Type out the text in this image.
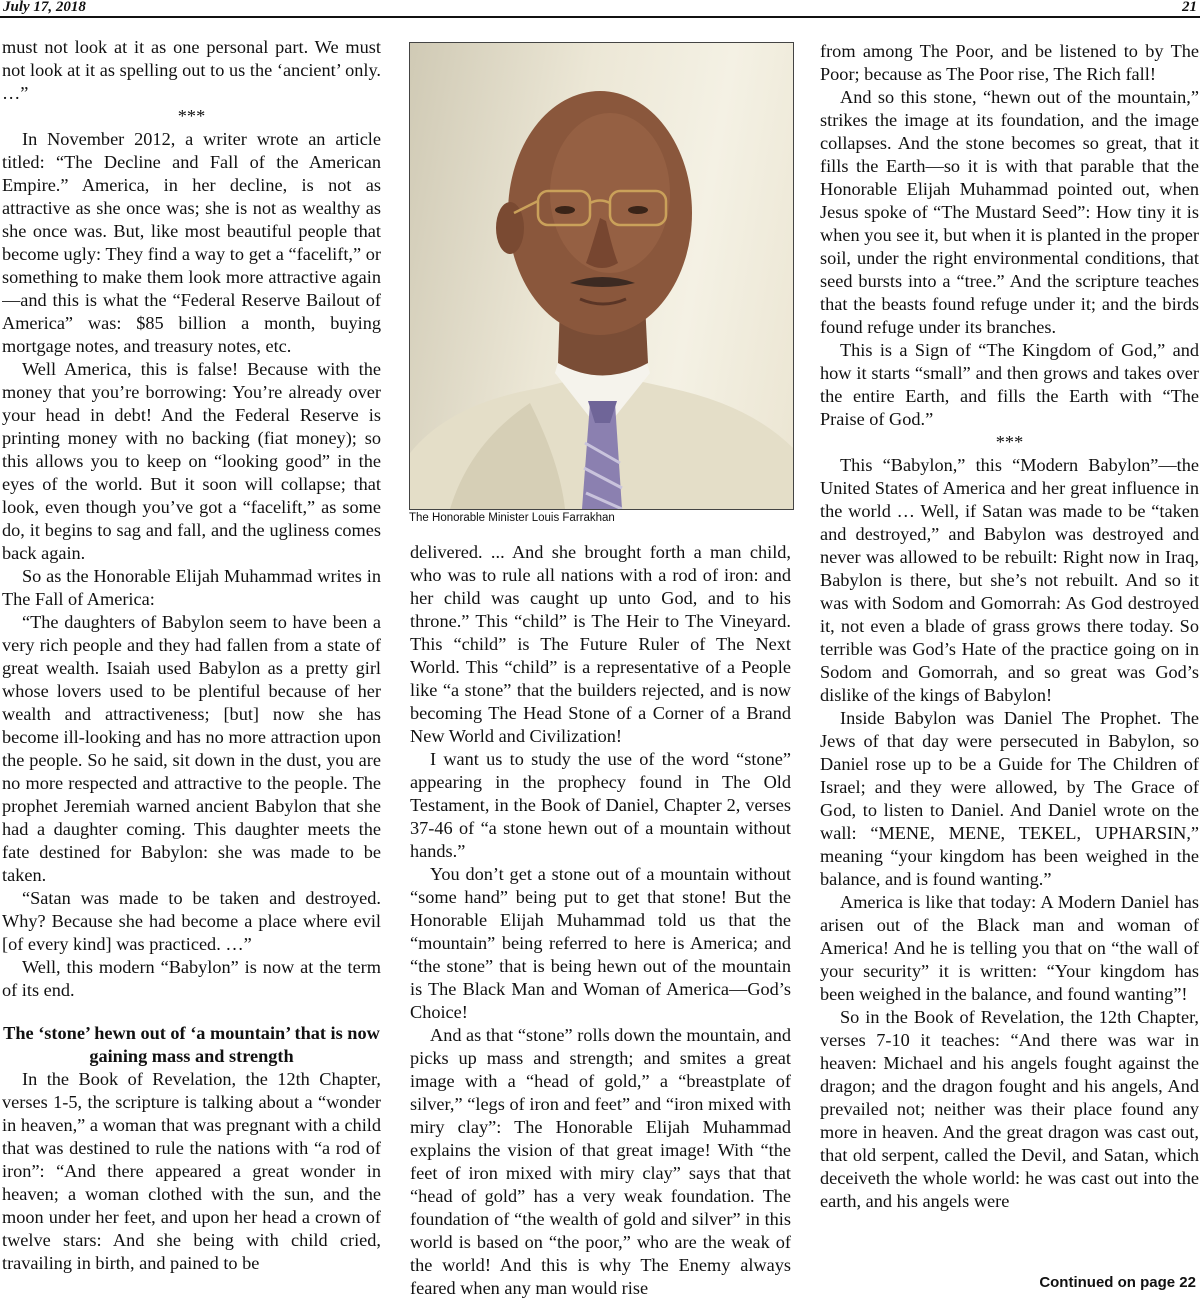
July 17, 2018	21

must not look at it as one personal part. We must not look at it as spelling out to us the ‘ancient’ only. …”

***

In November 2012, a writer wrote an article titled: “The Decline and Fall of the American Empire.” America, in her decline, is not as attractive as she once was; she is not as wealthy as she once was. But, like most beautiful people that become ugly: They find a way to get a “facelift,” or something to make them look more attractive again—and this is what the “Federal Reserve Bailout of America” was: $85 billion a month, buying mortgage notes, and treasury notes, etc.

Well America, this is false! Because with the money that you’re borrowing: You’re already over your head in debt! And the Federal Reserve is printing money with no backing (fiat money); so this allows you to keep on “looking good” in the eyes of the world. But it soon will collapse; that look, even though you’ve got a “facelift,” as some do, it begins to sag and fall, and the ugliness comes back again.

So as the Honorable Elijah Muhammad writes in The Fall of America:

“The daughters of Babylon seem to have been a very rich people and they had fallen from a state of great wealth. Isaiah used Babylon as a pretty girl whose lovers used to be plentiful because of her wealth and attractiveness; [but] now she has become ill-looking and has no more attraction upon the people. So he said, sit down in the dust, you are no more respected and attractive to the people. The prophet Jeremiah warned ancient Babylon that she had a daughter coming. This daughter meets the fate destined for Babylon: she was made to be taken.

“Satan was made to be taken and destroyed. Why? Because she had become a place where evil [of every kind] was practiced. …”

Well, this modern “Babylon” is now at the term of its end.

The ‘stone’ hewn out of ‘a mountain’ that is now gaining mass and strength

In the Book of Revelation, the 12th Chapter, verses 1-5, the scripture is talking about a “wonder in heaven,” a woman that was pregnant with a child that was destined to rule the nations with “a rod of iron”: “And there appeared a great wonder in heaven; a woman clothed with the sun, and the moon under her feet, and upon her head a crown of twelve stars: And she being with child cried, travailing in birth, and pained to be

The Honorable Minister Louis Farrakhan

delivered. ... And she brought forth a man child, who was to rule all nations with a rod of iron: and her child was caught up unto God, and to his throne.” This “child” is The Heir to The Vineyard. This “child” is The Future Ruler of The Next World. This “child” is a representative of a People like “a stone” that the builders rejected, and is now becoming The Head Stone of a Corner of a Brand New World and Civilization!

I want us to study the use of the word “stone” appearing in the prophecy found in The Old Testament, in the Book of Daniel, Chapter 2, verses 37-46 of “a stone hewn out of a mountain without hands.”

You don’t get a stone out of a mountain without “some hand” being put to get that stone! But the Honorable Elijah Muhammad told us that the “mountain” being referred to here is America; and “the stone” that is being hewn out of the mountain is The Black Man and Woman of America—God’s Choice!

And as that “stone” rolls down the mountain, and picks up mass and strength; and smites a great image with a “head of gold,” a “breastplate of silver,” “legs of iron and feet” and “iron mixed with miry clay”: The Honorable Elijah Muhammad explains the vision of that great image! With “the feet of iron mixed with miry clay” says that that “head of gold” has a very weak foundation. The foundation of “the wealth of gold and silver” in this world is based on “the poor,” who are the weak of the world! And this is why The Enemy always feared when any man would rise

from among The Poor, and be listened to by The Poor; because as The Poor rise, The Rich fall!

And so this stone, “hewn out of the mountain,” strikes the image at its foundation, and the image collapses. And the stone becomes so great, that it fills the Earth—so it is with that parable that the Honorable Elijah Muhammad pointed out, when Jesus spoke of “The Mustard Seed”: How tiny it is when you see it, but when it is planted in the proper soil, under the right environmental conditions, that seed bursts into a “tree.” And the scripture teaches that the beasts found refuge under it; and the birds found refuge under its branches.

This is a Sign of “The Kingdom of God,” and how it starts “small” and then grows and takes over the entire Earth, and fills the Earth with “The Praise of God.”

***

This “Babylon,” this “Modern Babylon”—the United States of America and her great influence in the world … Well, if Satan was made to be “taken and destroyed,” and Babylon was destroyed and never was allowed to be rebuilt: Right now in Iraq, Babylon is there, but she’s not rebuilt. And so it was with Sodom and Gomorrah: As God destroyed it, not even a blade of grass grows there today. So terrible was God’s Hate of the practice going on in Sodom and Gomorrah, and so great was God’s dislike of the kings of Babylon!

Inside Babylon was Daniel The Prophet. The Jews of that day were persecuted in Babylon, so Daniel rose up to be a Guide for The Children of Israel; and they were allowed, by The Grace of God, to listen to Daniel. And Daniel wrote on the wall: “MENE, MENE, TEKEL, UPHARSIN,” meaning “your kingdom has been weighed in the balance, and is found wanting.”

America is like that today: A Modern Daniel has arisen out of the Black man and woman of America! And he is telling you that on “the wall of your security” it is written: “Your kingdom has been weighed in the balance, and found wanting”!

So in the Book of Revelation, the 12th Chapter, verses 7-10 it teaches: “And there was war in heaven: Michael and his angels fought against the dragon; and the dragon fought and his angels, And prevailed not; neither was their place found any more in heaven. And the great dragon was cast out, that old serpent, called the Devil, and Satan, which deceiveth the whole world: he was cast out into the earth, and his angels were

Continued on page 22
